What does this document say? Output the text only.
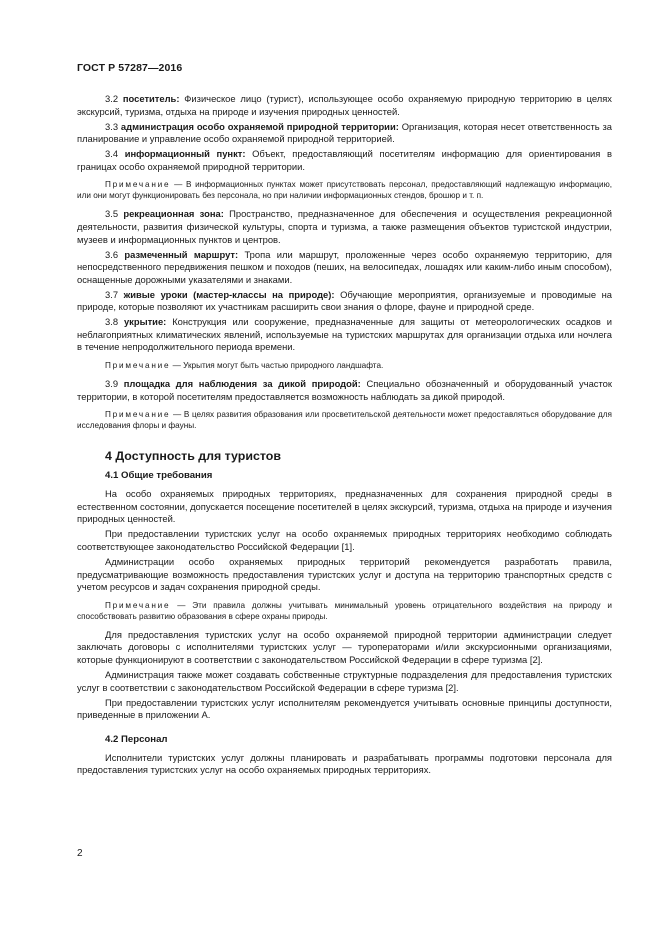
ГОСТ Р 57287—2016

3.2 посетитель: Физическое лицо (турист), использующее особо охраняемую природную территорию в целях экскурсий, туризма, отдыха на природе и изучения природных ценностей.

3.3 администрация особо охраняемой природной территории: Организация, которая несет ответственность за планирование и управление особо охраняемой природной территорией.

3.4 информационный пункт: Объект, предоставляющий посетителям информацию для ориентирования в границах особо охраняемой природной территории.

Примечание — В информационных пунктах может присутствовать персонал, предоставляющий надлежащую информацию, или они могут функционировать без персонала, но при наличии информационных стендов, брошюр и т. п.

3.5 рекреационная зона: Пространство, предназначенное для обеспечения и осуществления рекреационной деятельности, развития физической культуры, спорта и туризма, а также размещения объектов туристской индустрии, музеев и информационных пунктов и центров.

3.6 размеченный маршрут: Тропа или маршрут, проложенные через особо охраняемую территорию, для непосредственного передвижения пешком и походов (пеших, на велосипедах, лошадях или каким-либо иным способом), оснащенные дорожными указателями и знаками.

3.7 живые уроки (мастер-классы на природе): Обучающие мероприятия, организуемые и проводимые на природе, которые позволяют их участникам расширить свои знания о флоре, фауне и природной среде.

3.8 укрытие: Конструкция или сооружение, предназначенные для защиты от метеорологических осадков и неблагоприятных климатических явлений, используемые на туристских маршрутах для организации отдыха или ночлега в течение непродолжительного периода времени.

Примечание — Укрытия могут быть частью природного ландшафта.

3.9 площадка для наблюдения за дикой природой: Специально обозначенный и оборудованный участок территории, в которой посетителям предоставляется возможность наблюдать за дикой природой.

Примечание — В целях развития образования или просветительской деятельности может предоставляться оборудование для исследования флоры и фауны.

4 Доступность для туристов
4.1 Общие требования

На особо охраняемых природных территориях, предназначенных для сохранения природной среды в естественном состоянии, допускается посещение посетителей в целях экскурсий, туризма, отдыха на природе и изучения природных ценностей.

При предоставлении туристских услуг на особо охраняемых природных территориях необходимо соблюдать соответствующее законодательство Российской Федерации [1].

Администрации особо охраняемых природных территорий рекомендуется разработать правила, предусматривающие возможность предоставления туристских услуг и доступа на территорию транспортных средств с учетом ресурсов и задач сохранения природной среды.

Примечание — Эти правила должны учитывать минимальный уровень отрицательного воздействия на природу и способствовать развитию образования в сфере охраны природы.

Для предоставления туристских услуг на особо охраняемой природной территории администрации следует заключать договоры с исполнителями туристских услуг — туроператорами и/или экскурсионными организациями, которые функционируют в соответствии с законодательством Российской Федерации в сфере туризма [2].

Администрация также может создавать собственные структурные подразделения для предоставления туристских услуг в соответствии с законодательством Российской Федерации в сфере туризма [2].

При предоставлении туристских услуг исполнителям рекомендуется учитывать основные принципы доступности, приведенные в приложении А.

4.2 Персонал

Исполнители туристских услуг должны планировать и разрабатывать программы подготовки персонала для предоставления туристских услуг на особо охраняемых природных территориях.

2
